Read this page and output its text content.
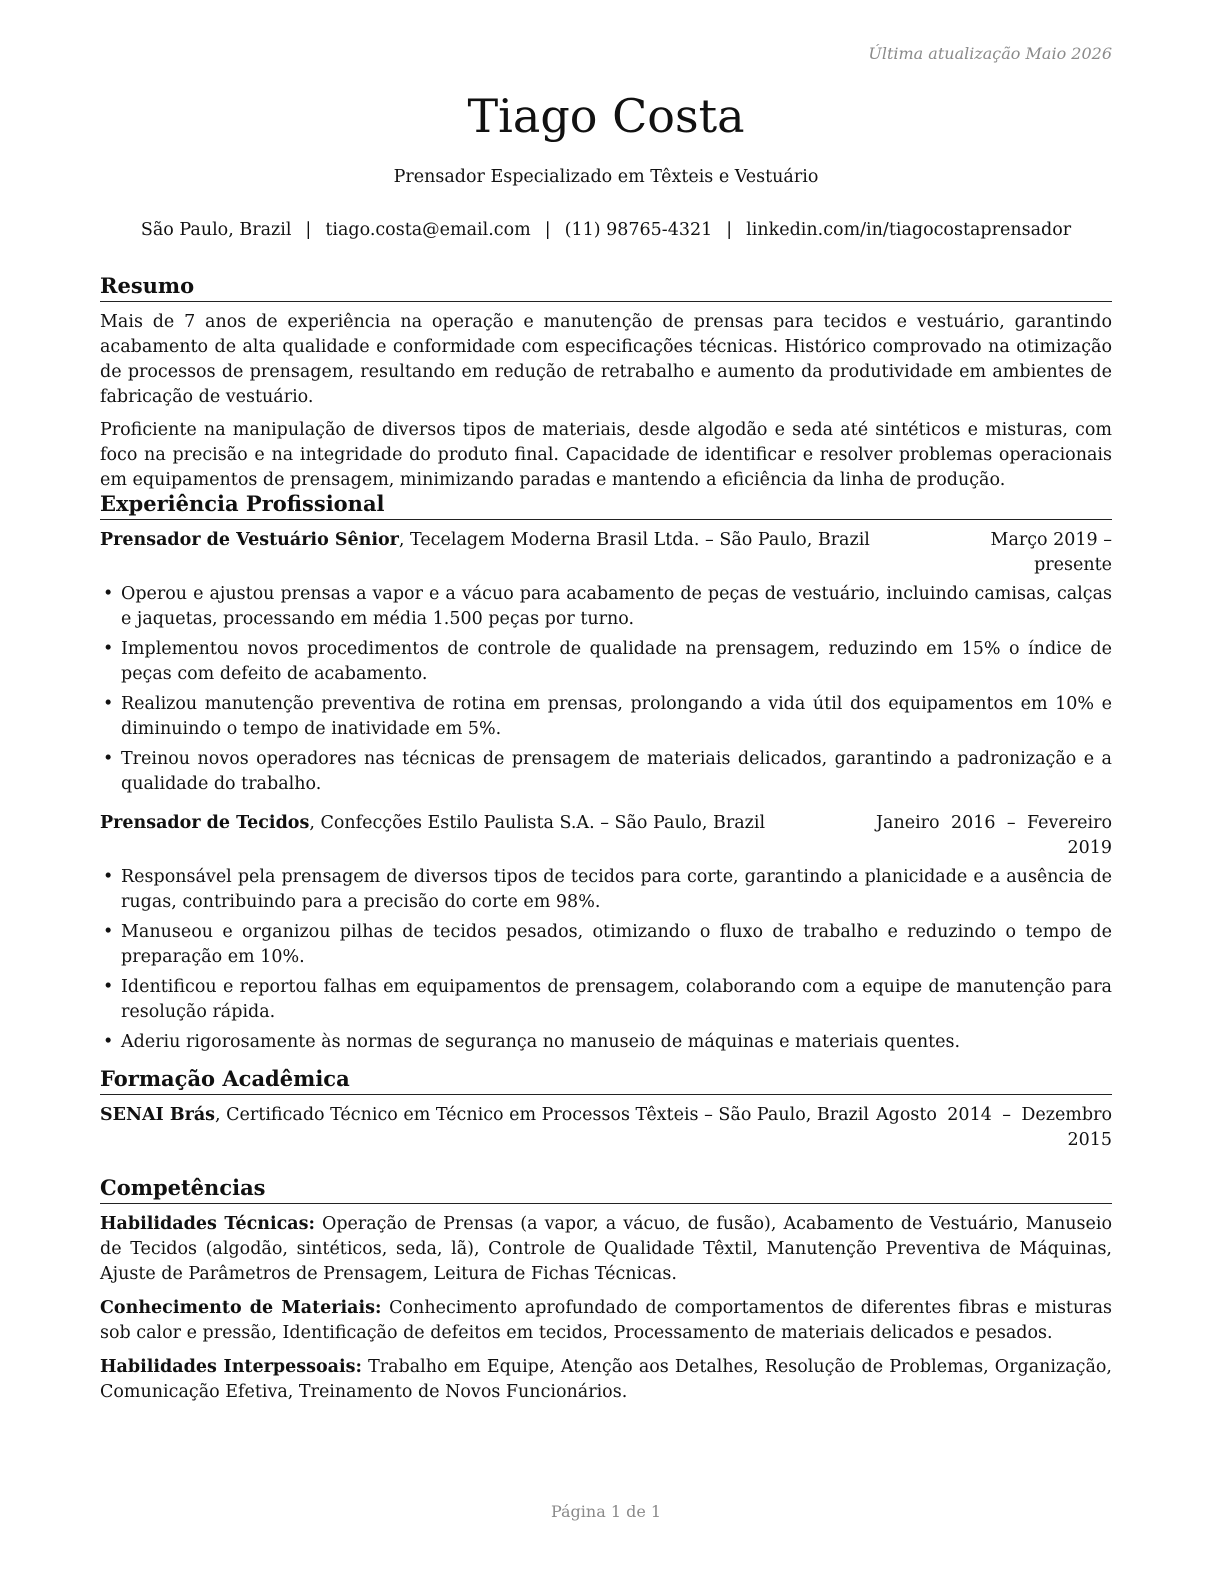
Última atualização Maio 2026
Tiago Costa
Prensador Especializado em Têxteis e Vestuário
São Paulo, Brazil | tiago.costa@email.com | (11) 98765-4321 | linkedin.com/in/tiagocostaprensador
Resumo

Mais de 7 anos de experiência na operação e manutenção de prensas para tecidos e vestuário, garantindo acabamento de alta qualidade e conformidade com especificações técnicas. Histórico comprovado na otimização de processos de prensagem, resultando em redução de retrabalho e aumento da produtividade em ambientes de fabricação de vestuário.

Proficiente na manipulação de diversos tipos de materiais, desde algodão e seda até sintéticos e misturas, com foco na precisão e na integridade do produto final. Capacidade de identificar e resolver problemas operacionais em equipamentos de prensagem, minimizando paradas e mantendo a eficiência da linha de produção.

Experiência Profissional
Prensador de Vestuário Sênior, Tecelagem Moderna Brasil Ltda. – São Paulo, Brazil	Março 2019 – presente
• Operou e ajustou prensas a vapor e a vácuo para acabamento de peças de vestuário, incluindo camisas, calças e jaquetas, processando em média 1.500 peças por turno.
• Implementou novos procedimentos de controle de qualidade na prensagem, reduzindo em 15% o índice de peças com defeito de acabamento.
• Realizou manutenção preventiva de rotina em prensas, prolongando a vida útil dos equipamentos em 10% e diminuindo o tempo de inatividade em 5%.
• Treinou novos operadores nas técnicas de prensagem de materiais delicados, garantindo a padronização e a qualidade do trabalho.
Prensador de Tecidos, Confecções Estilo Paulista S.A. – São Paulo, Brazil	Janeiro 2016 – Fevereiro 2019
• Responsável pela prensagem de diversos tipos de tecidos para corte, garantindo a planicidade e a ausência de rugas, contribuindo para a precisão do corte em 98%.
• Manuseou e organizou pilhas de tecidos pesados, otimizando o fluxo de trabalho e reduzindo o tempo de preparação em 10%.
• Identificou e reportou falhas em equipamentos de prensagem, colaborando com a equipe de manutenção para resolução rápida.
• Aderiu rigorosamente às normas de segurança no manuseio de máquinas e materiais quentes.
Formação Acadêmica
SENAI Brás, Certificado Técnico em Técnico em Processos Têxteis – São Paulo, Brazil Agosto 2014 – Dezembro 2015
Competências

Habilidades Técnicas: Operação de Prensas (a vapor, a vácuo, de fusão), Acabamento de Vestuário, Manuseio de Tecidos (algodão, sintéticos, seda, lã), Controle de Qualidade Têxtil, Manutenção Preventiva de Máquinas, Ajuste de Parâmetros de Prensagem, Leitura de Fichas Técnicas.

Conhecimento de Materiais: Conhecimento aprofundado de comportamentos de diferentes fibras e misturas sob calor e pressão, Identificação de defeitos em tecidos, Processamento de materiais delicados e pesados.

Habilidades Interpessoais: Trabalho em Equipe, Atenção aos Detalhes, Resolução de Problemas, Organização, Comunicação Efetiva, Treinamento de Novos Funcionários.

Página 1 de 1
